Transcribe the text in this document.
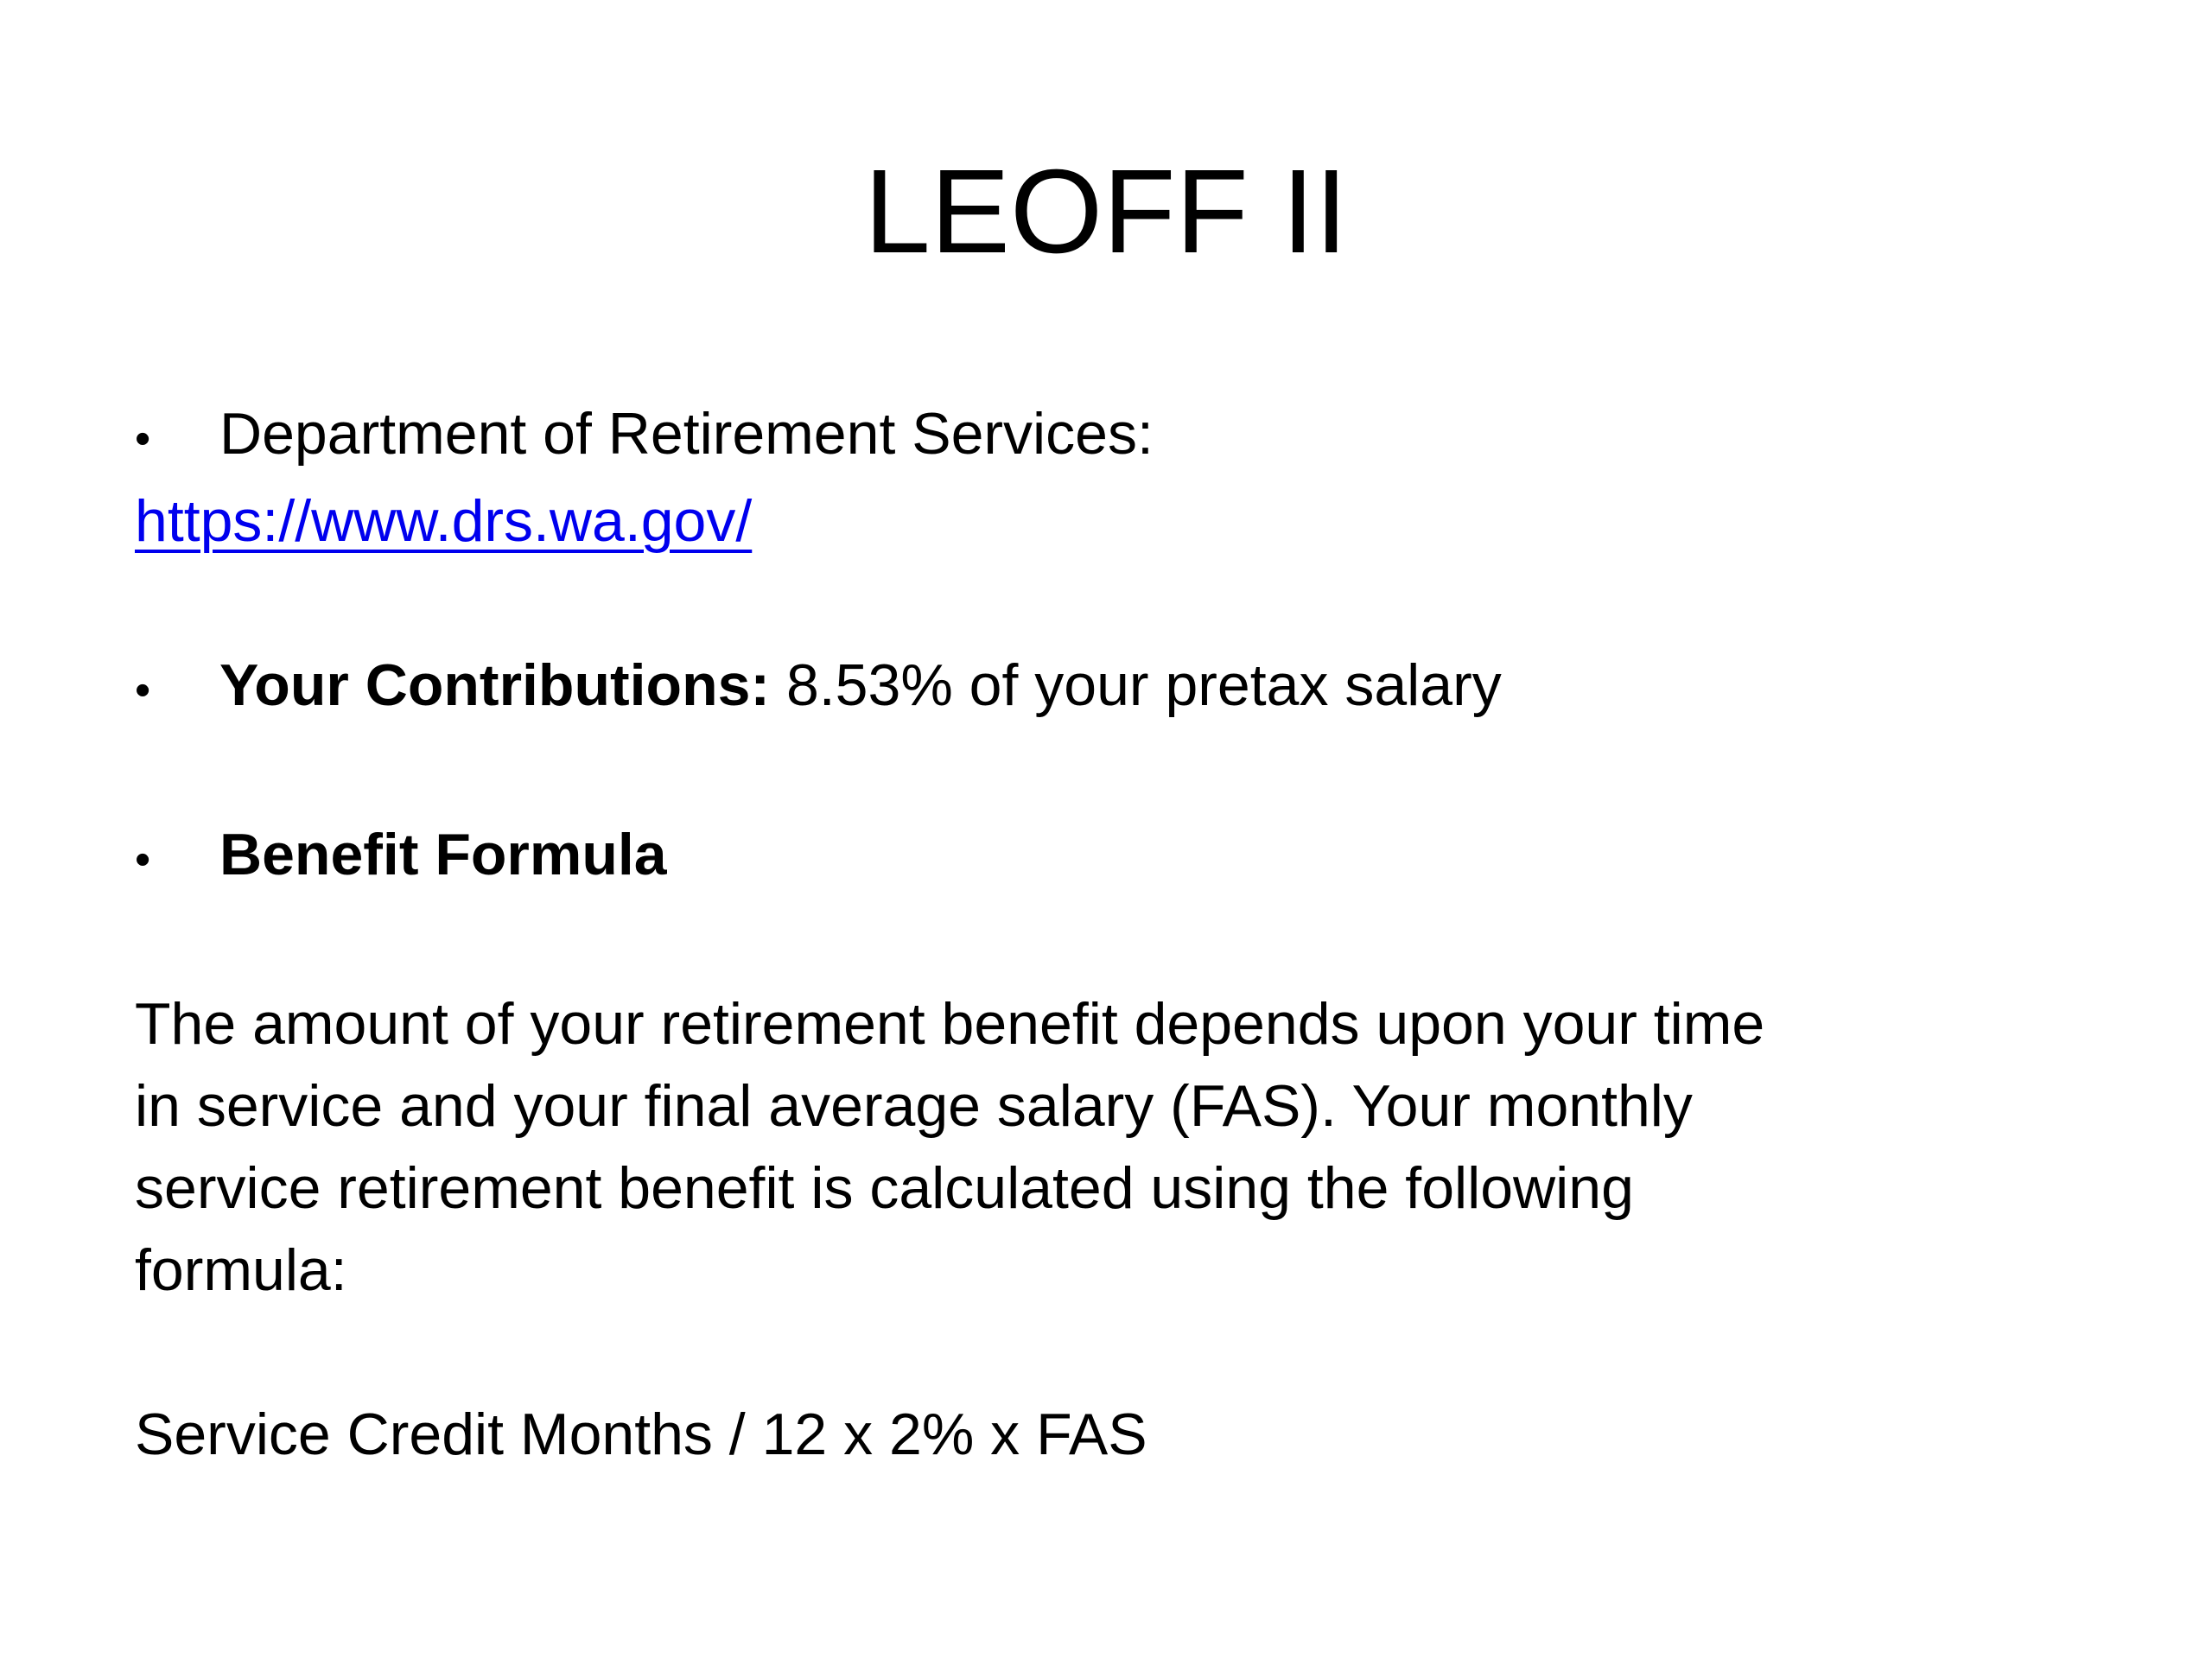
LEOFF II
•	Department of Retirement Services:
https://www.drs.wa.gov/
•	Your Contributions: 8.53% of your pretax salary
•	Benefit Formula
The amount of your retirement benefit depends upon your time in service and your final average salary (FAS). Your monthly service retirement benefit is calculated using the following formula:
Service Credit Months / 12 x 2% x FAS
